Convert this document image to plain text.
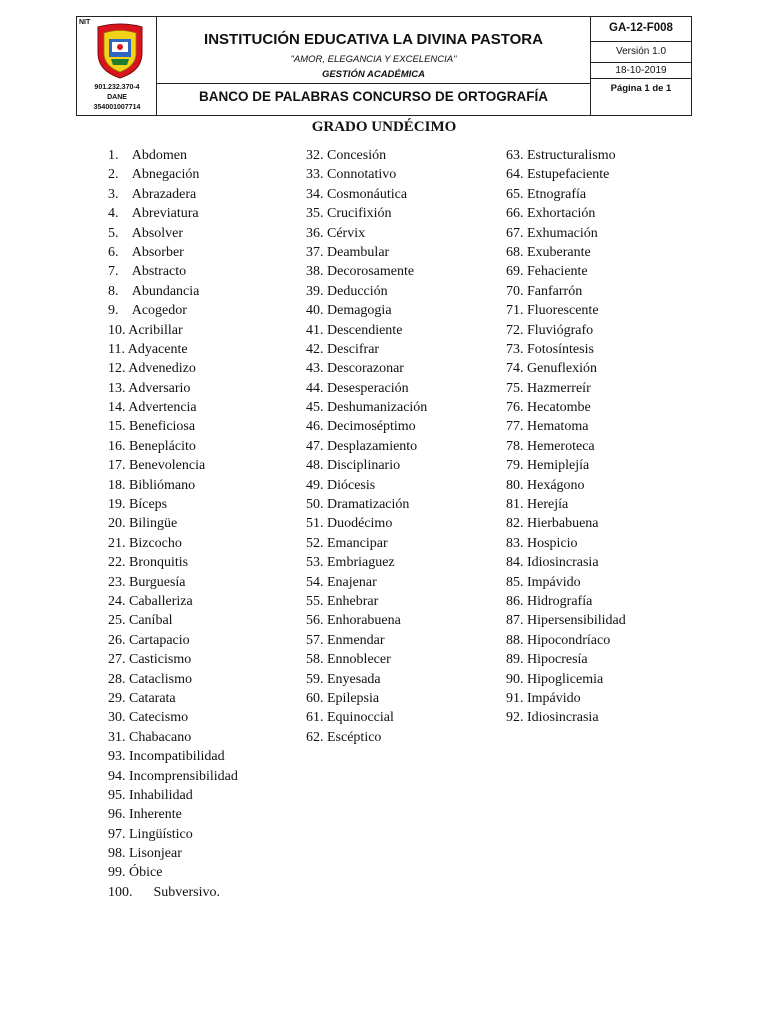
NIT
901.232.370-4
DANE
354001007714
INSTITUCIÓN EDUCATIVA LA DIVINA PASTORA
"AMOR, ELEGANCIA Y EXCELENCIA"
GESTIÓN ACADÉMICA
BANCO DE PALABRAS CONCURSO DE ORTOGRAFÍA
GA-12-F008
Versión 1.0
18-10-2019
Página 1 de 1
GRADO UNDÉCIMO
1.    Abdomen
2.    Abnegación
3.    Abrazadera
4.    Abreviatura
5.    Absolver
6.    Absorber
7.    Abstracto
8.    Abundancia
9.    Acogedor
10. Acribillar
11. Adyacente
12. Advenedizo
13. Adversario
14. Advertencia
15. Beneficiosa
16. Beneplácito
17. Benevolencia
18. Bibliómano
19. Bíceps
20. Bilingüe
21. Bizcocho
22. Bronquitis
23. Burguesía
24. Caballeriza
25. Caníbal
26. Cartapacio
27. Casticismo
28. Cataclismo
29. Catarata
30. Catecismo
31. Chabacano
93. Incompatibilidad
94. Incomprensibilidad
95. Inhabilidad
96. Inherente
97. Lingüístico
98. Lisonjear
99. Óbice
100.      Subversivo.
32. Concesión
33. Connotativo
34. Cosmonáutica
35. Crucifixión
36. Cérvix
37. Deambular
38. Decorosamente
39. Deducción
40. Demagogia
41. Descendiente
42. Descifrar
43. Descorazonar
44. Desesperación
45. Deshumanización
46. Decimoséptimo
47. Desplazamiento
48. Disciplinario
49. Diócesis
50. Dramatización
51. Duodécimo
52. Emancipar
53. Embriaguez
54. Enajenar
55. Enhebrar
56. Enhorabuena
57. Enmendar
58. Ennoblecer
59. Enyesada
60. Epilepsia
61. Equinoccial
62. Escéptico
63. Estructuralismo
64. Estupefaciente
65. Etnografía
66. Exhortación
67. Exhumación
68. Exuberante
69. Fehaciente
70. Fanfarrón
71. Fluorescente
72. Fluviógrafo
73. Fotosíntesis
74. Genuflexión
75. Hazmerreír
76. Hecatombe
77. Hematoma
78. Hemeroteca
79. Hemiplejía
80. Hexágono
81. Herejía
82. Hierbabuena
83. Hospicio
84. Idiosincrasia
85. Impávido
86. Hidrografía
87. Hipersensibilidad
88. Hipocondríaco
89. Hipocresía
90. Hipoglicemia
91. Impávido
92. Idiosincrasia
